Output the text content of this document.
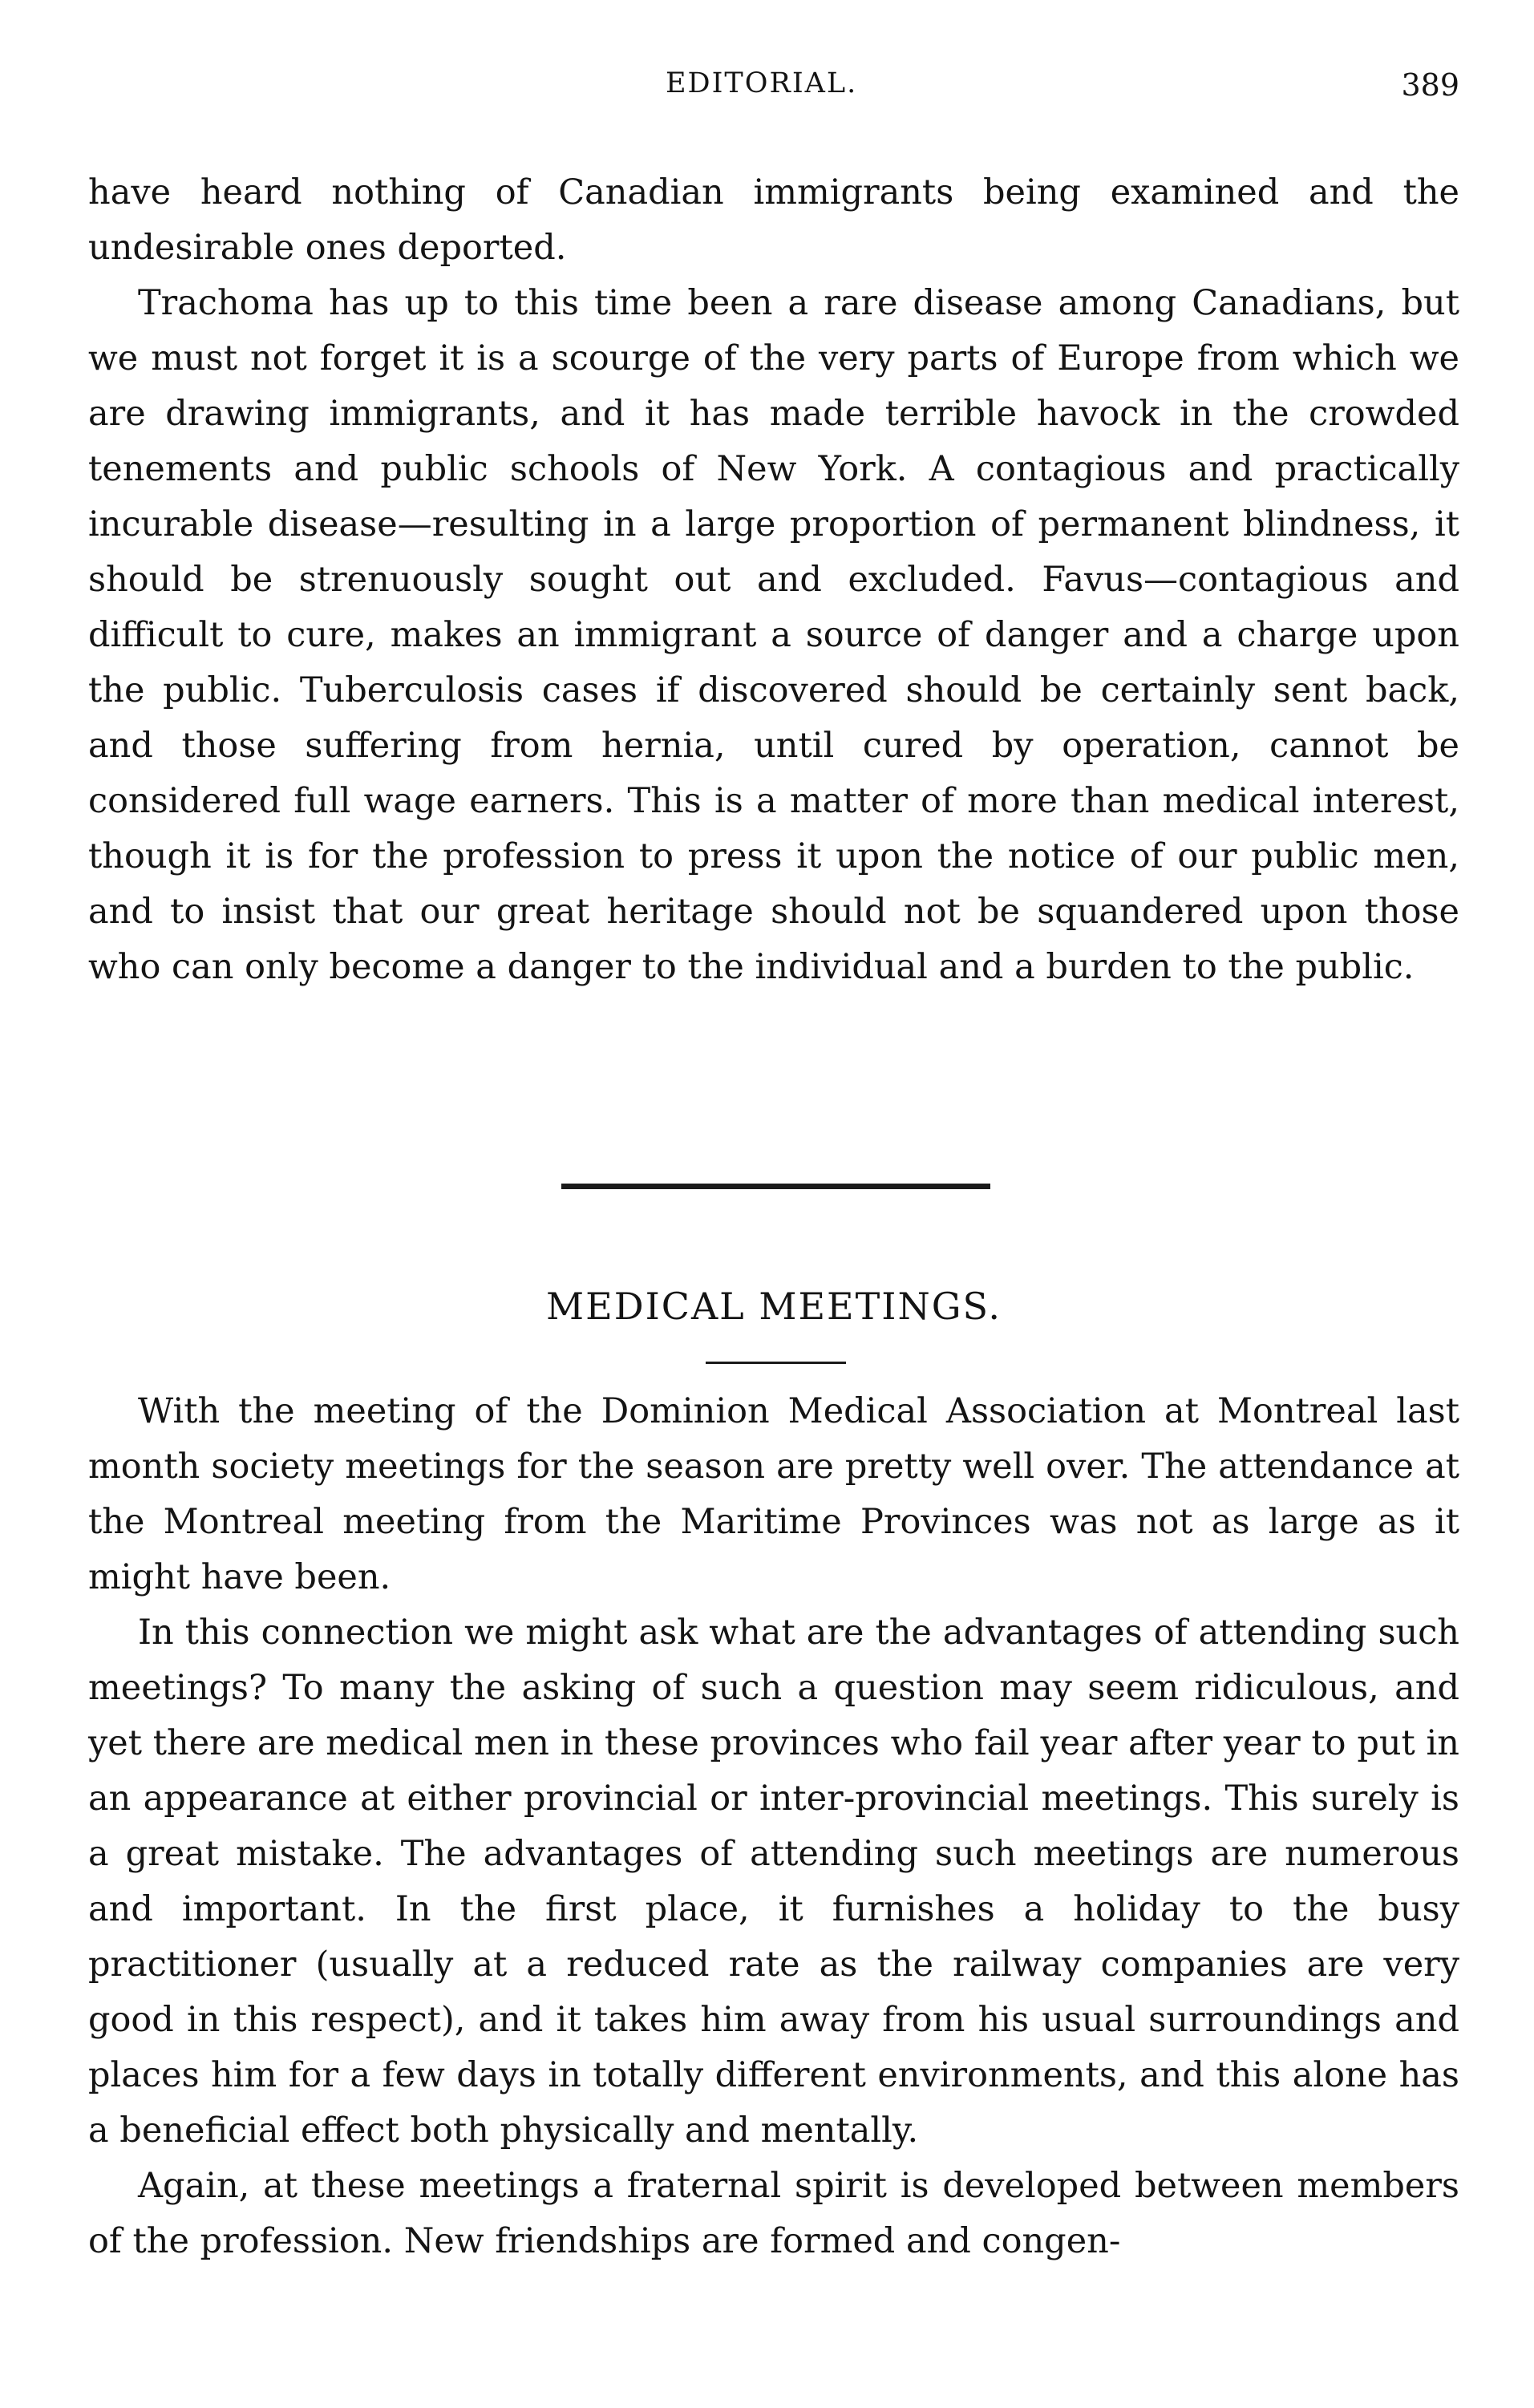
EDITORIAL.	389

have heard nothing of Canadian immigrants being examined and the undesirable ones deported.

Trachoma has up to this time been a rare disease among Canadians, but we must not forget it is a scourge of the very parts of Europe from which we are drawing immigrants, and it has made terrible havock in the crowded tenements and public schools of New York. A contagious and practically incurable disease—resulting in a large proportion of permanent blindness, it should be strenuously sought out and excluded. Favus—contagious and difficult to cure, makes an immigrant a source of danger and a charge upon the public. Tuberculosis cases if discovered should be certainly sent back, and those suffering from hernia, until cured by operation, cannot be considered full wage earners. This is a matter of more than medical interest, though it is for the profession to press it upon the notice of our public men, and to insist that our great heritage should not be squandered upon those who can only become a danger to the individual and a burden to the public.

MEDICAL MEETINGS.

With the meeting of the Dominion Medical Association at Montreal last month society meetings for the season are pretty well over. The attendance at the Montreal meeting from the Maritime Provinces was not as large as it might have been.

In this connection we might ask what are the advantages of attending such meetings? To many the asking of such a question may seem ridiculous, and yet there are medical men in these provinces who fail year after year to put in an appearance at either provincial or inter-provincial meetings. This surely is a great mistake. The advantages of attending such meetings are numerous and important. In the first place, it furnishes a holiday to the busy practitioner (usually at a reduced rate as the railway companies are very good in this respect), and it takes him away from his usual surroundings and places him for a few days in totally different environments, and this alone has a beneficial effect both physically and mentally.

Again, at these meetings a fraternal spirit is developed between members of the profession. New friendships are formed and congen-
